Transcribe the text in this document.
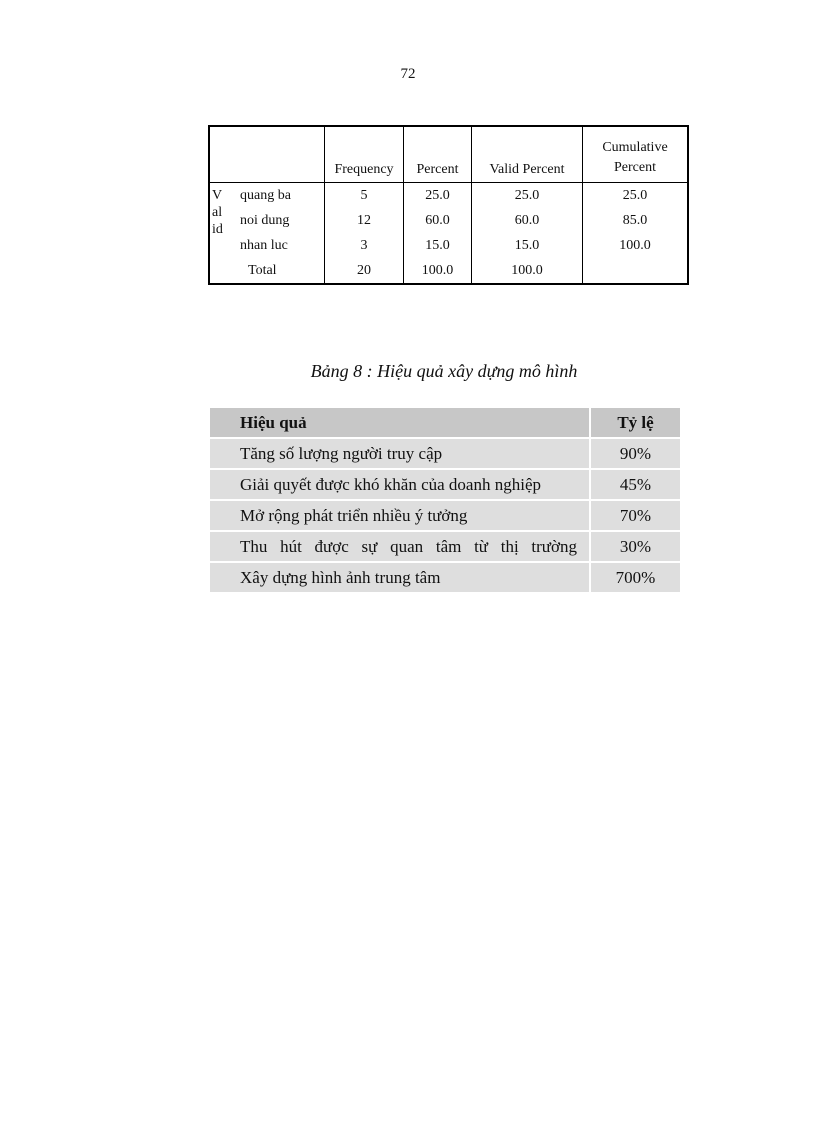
72
		Frequency	Percent	Valid Percent	Cumulative
Percent
V
al
id	quang ba	5	25.0	25.0	25.0
	noi dung	12	60.0	60.0	85.0
	nhan luc	3	15.0	15.0	100.0
	Total	20	100.0	100.0	
Bảng 8 : Hiệu quả xây dựng mô hình
Hiệu quả	Tỷ lệ
Tăng số lượng người truy cập	90%
Giải quyết được khó khăn của doanh nghiệp	45%
Mở rộng phát triển nhiều ý tưởng	70%

Thu hút được sự quan tâm từ thị trường	30%
Xây dựng hình ảnh trung tâm	700%
